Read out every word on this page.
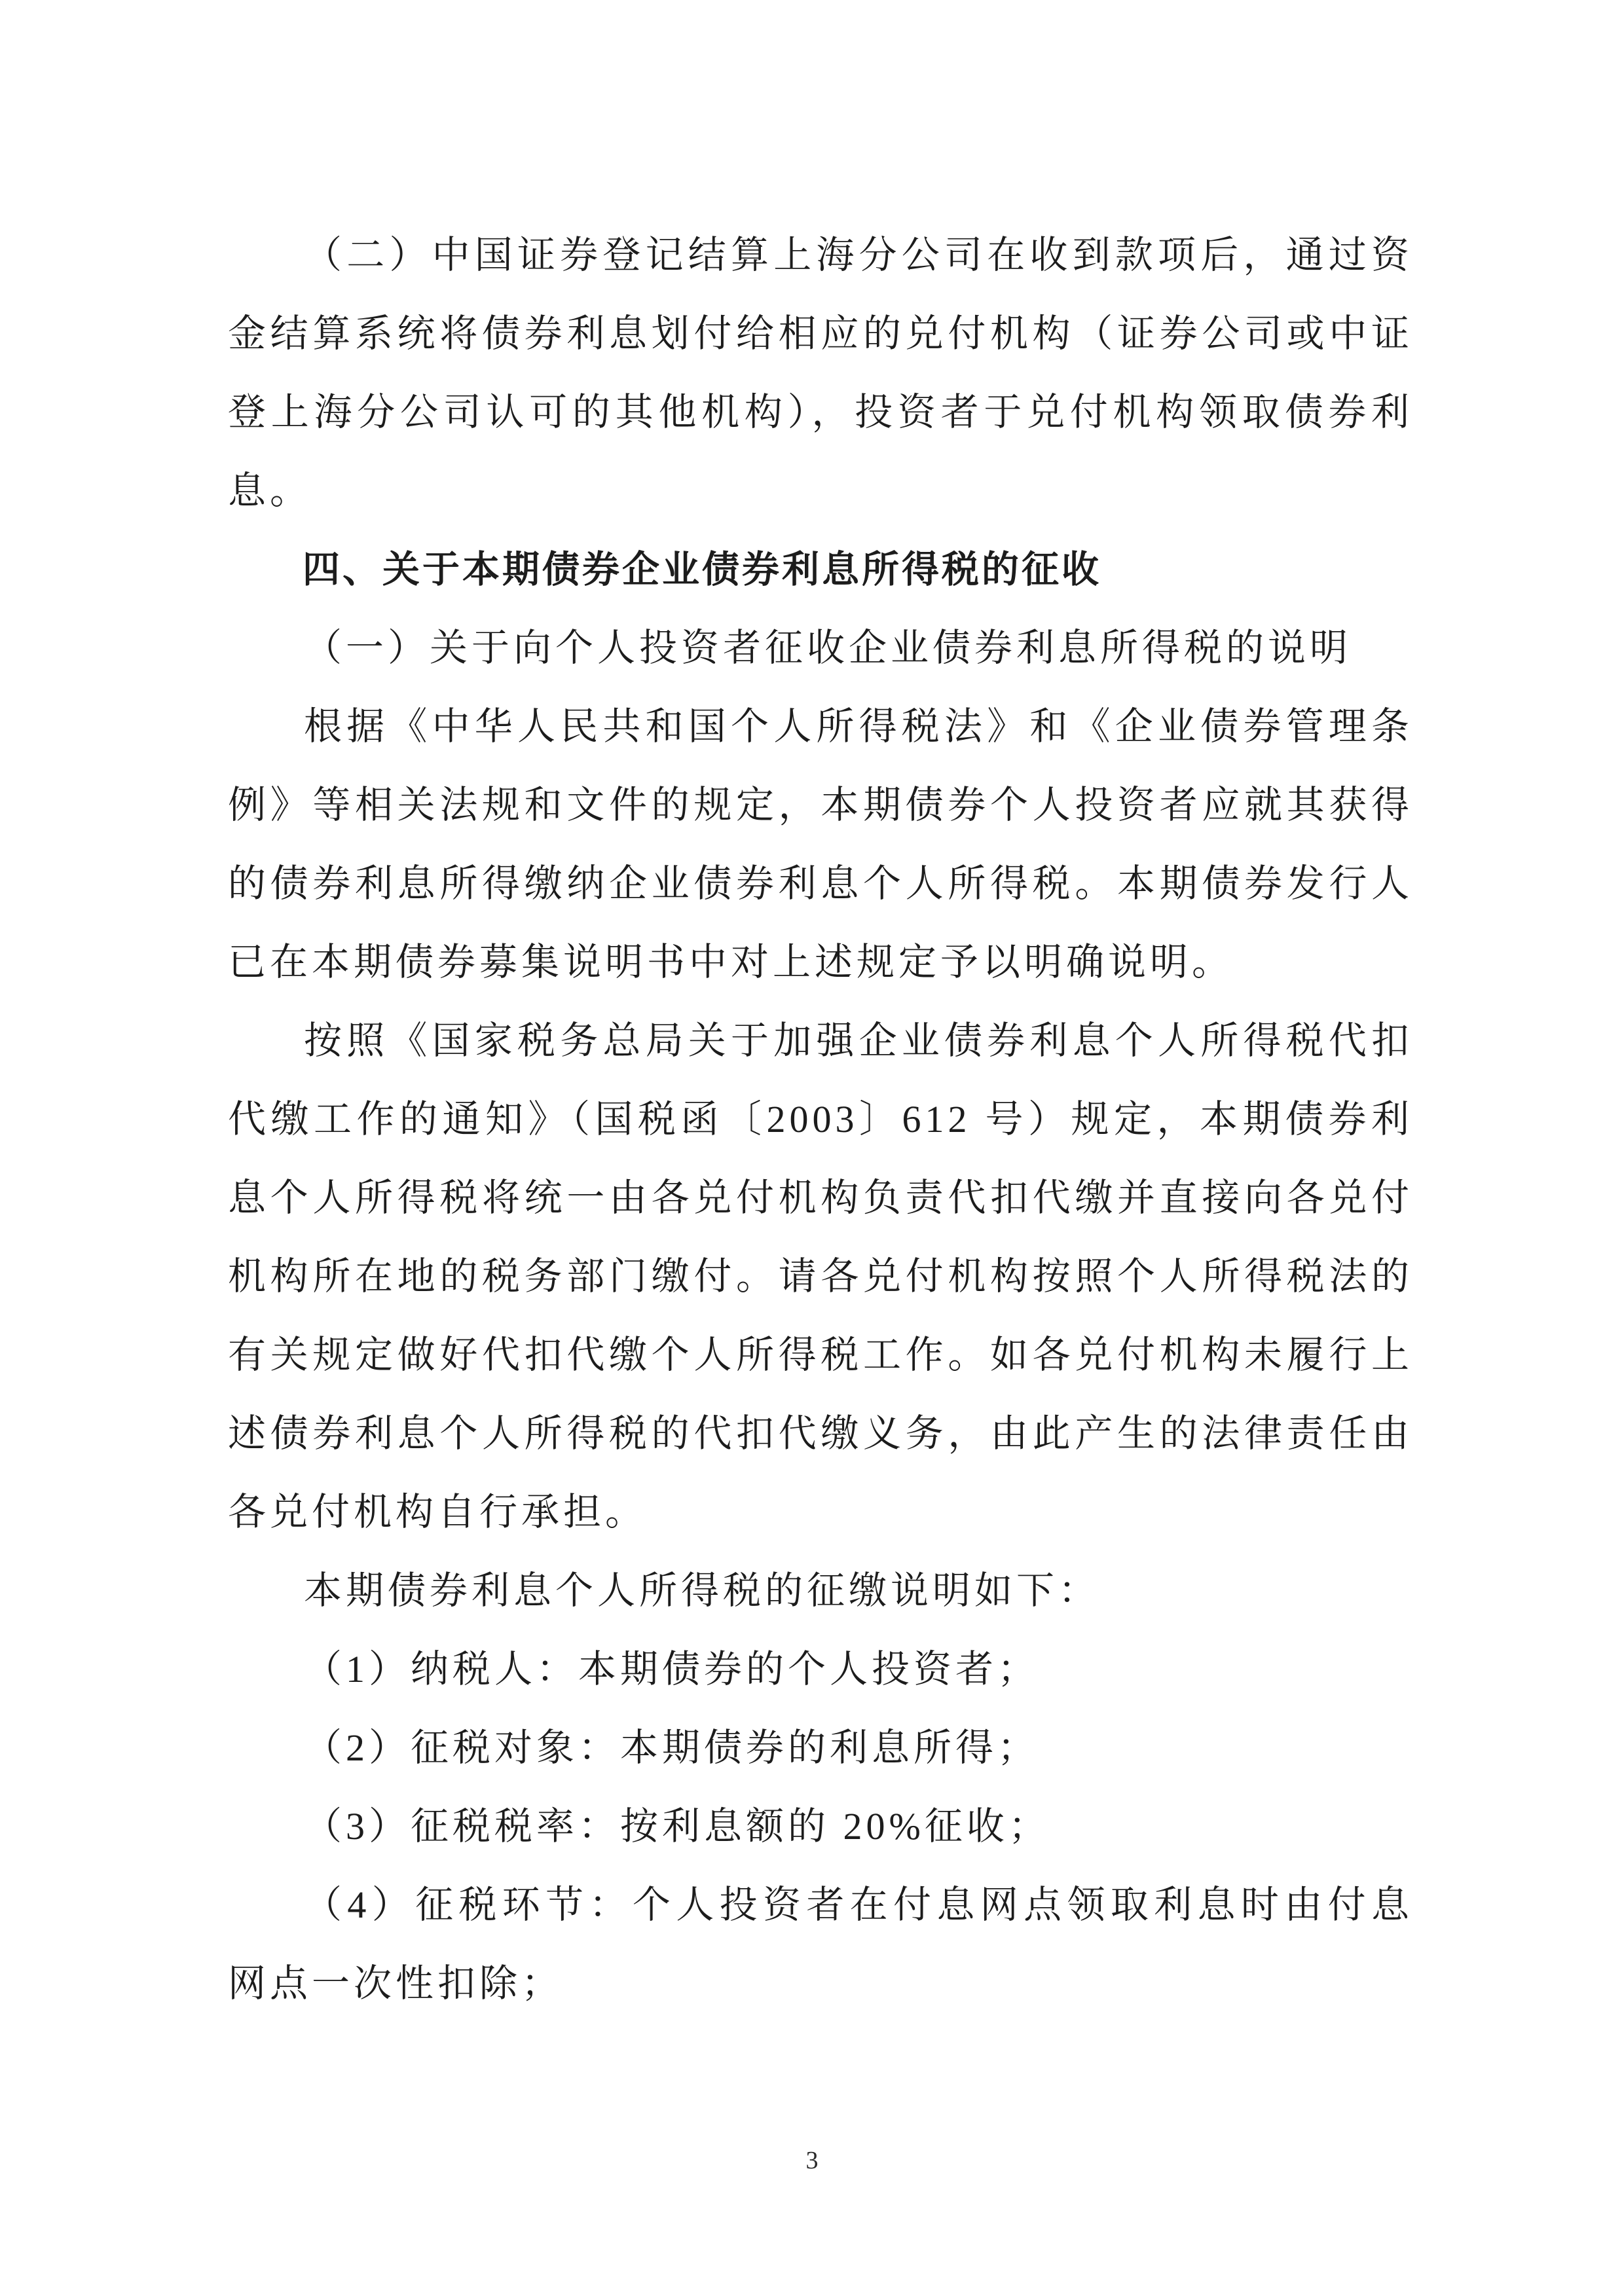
（二）中国证券登记结算上海分公司在收到款项后，通过资金结算系统将债券利息划付给相应的兑付机构（证券公司或中证登上海分公司认可的其他机构），投资者于兑付机构领取债券利息。

四、关于本期债券企业债券利息所得税的征收

（一）关于向个人投资者征收企业债券利息所得税的说明

根据《中华人民共和国个人所得税法》和《企业债券管理条例》等相关法规和文件的规定，本期债券个人投资者应就其获得的债券利息所得缴纳企业债券利息个人所得税。本期债券发行人已在本期债券募集说明书中对上述规定予以明确说明。

按照《国家税务总局关于加强企业债券利息个人所得税代扣代缴工作的通知》（国税函〔2003〕612 号）规定，本期债券利息个人所得税将统一由各兑付机构负责代扣代缴并直接向各兑付机构所在地的税务部门缴付。请各兑付机构按照个人所得税法的有关规定做好代扣代缴个人所得税工作。如各兑付机构未履行上述债券利息个人所得税的代扣代缴义务，由此产生的法律责任由各兑付机构自行承担。

本期债券利息个人所得税的征缴说明如下：

（1）纳税人：本期债券的个人投资者；

（2）征税对象：本期债券的利息所得；

（3）征税税率：按利息额的 20%征收；

（4）征税环节：个人投资者在付息网点领取利息时由付息网点一次性扣除；

3
